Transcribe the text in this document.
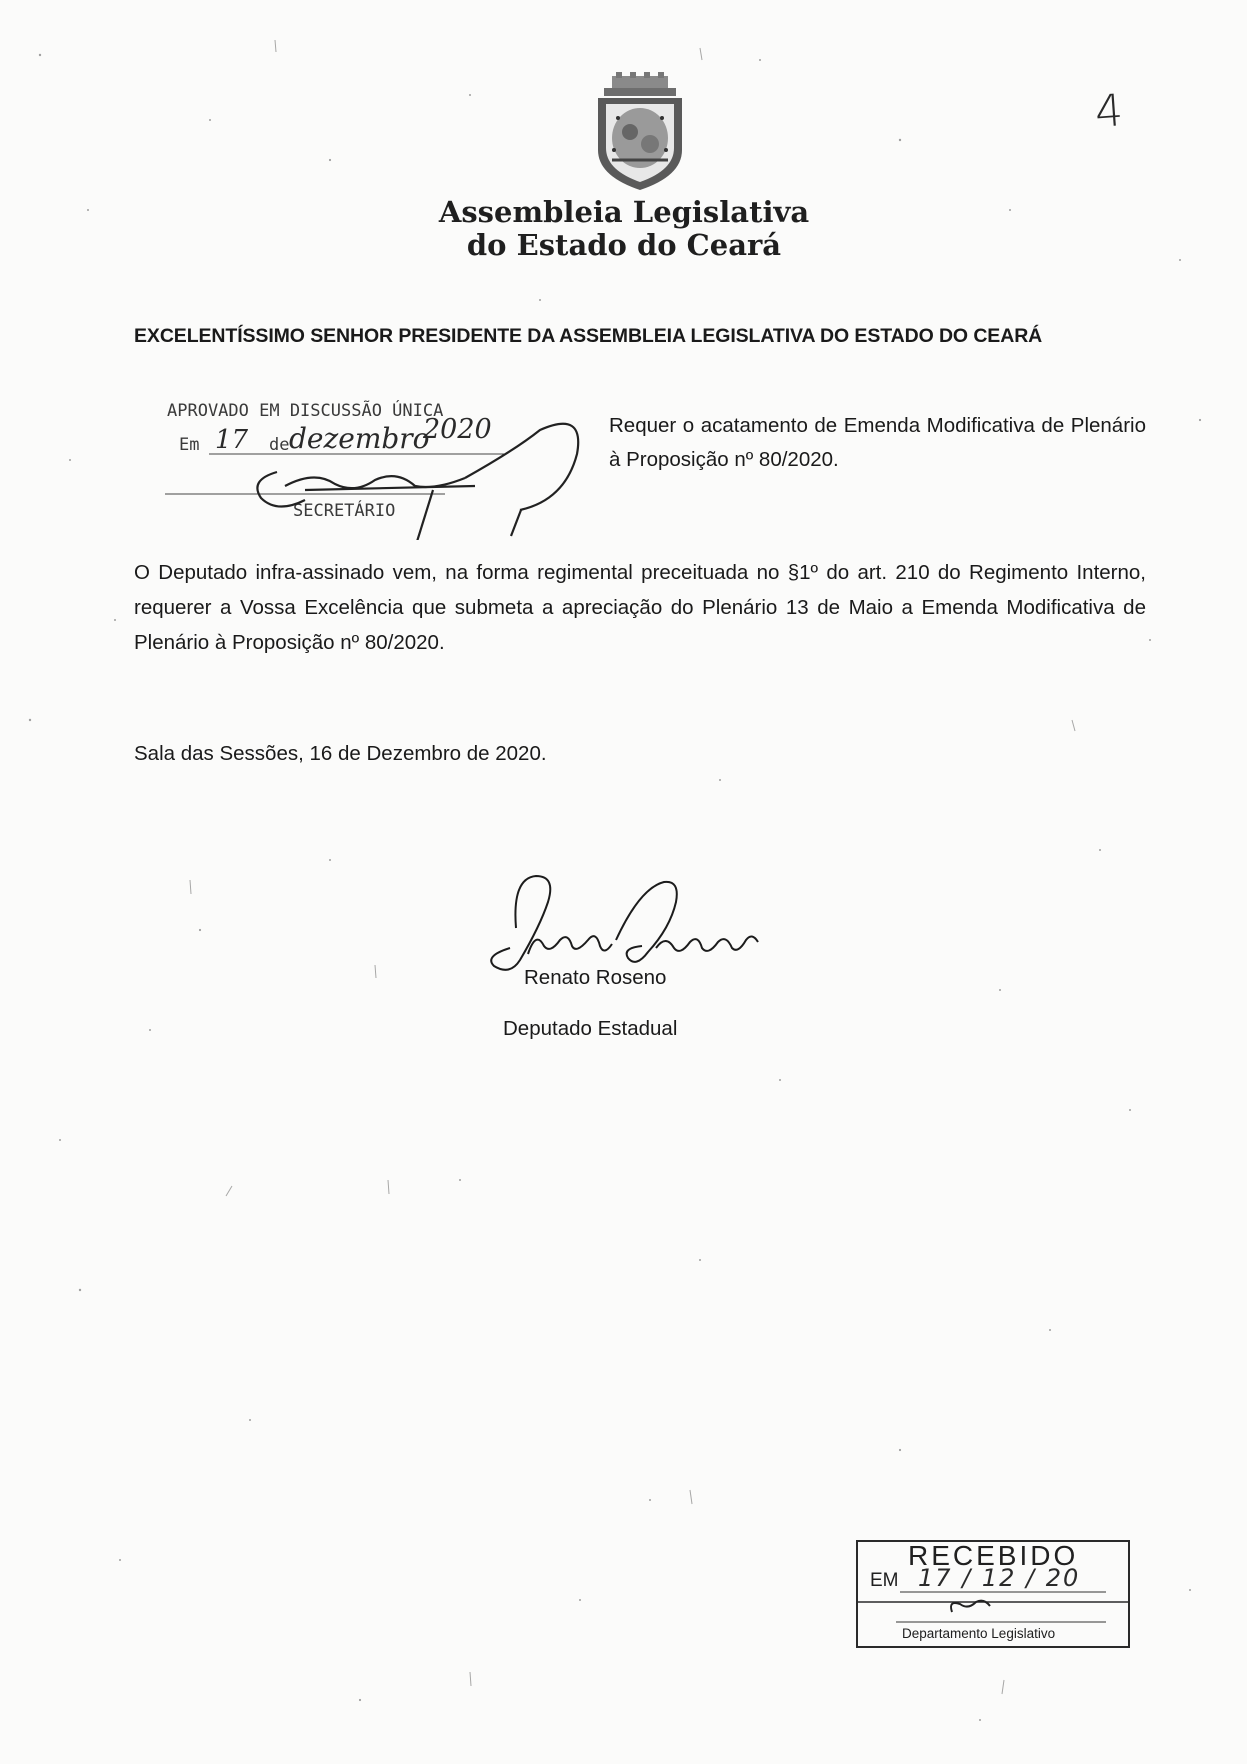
4
Assembleia Legislativa
do Estado do Ceará
EXCELENTÍSSIMO SENHOR PRESIDENTE DA ASSEMBLEIA LEGISLATIVA DO ESTADO DO CEARÁ
APROVADO EM DISCUSSÃO ÚNICA
Em 17 de dezembro
2020
SECRETÁRIO
Requer o acatamento de Emenda Modificativa de Plenário à Proposição nº 80/2020.
O Deputado infra-assinado vem, na forma regimental preceituada no §1º do art. 210 do Regimento Interno, requerer a Vossa Excelência que submeta a apreciação do Plenário 13 de Maio a Emenda Modificativa de Plenário à Proposição nº 80/2020.
Sala das Sessões, 16 de Dezembro de 2020.
Renato Roseno
Deputado Estadual
RECEBIDO
EM 17 / 12 / 20
Departamento Legislativo
